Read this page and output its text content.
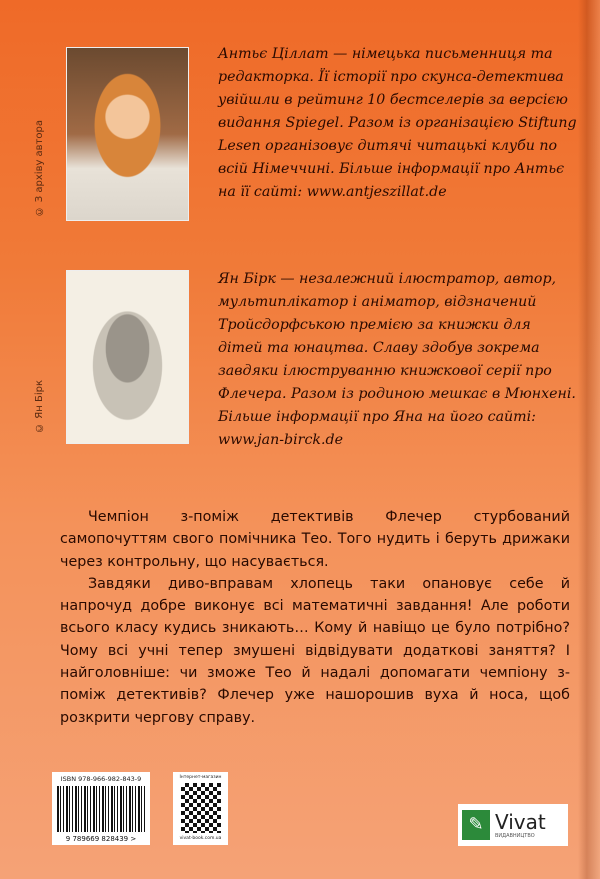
© З архіву автора
Антьє Ціллат — німецька письменниця та редакторка. Її історії про скунса-детектива увійшли в рейтинг 10 бестселерів за версією видання Spiegel. Разом із організацією Stiftung Lesen організовує дитячі читацькі клуби по всій Німеччині. Більше інформації про Антьє на її сайті: www.antjeszillat.de
© Ян Бірк
Ян Бірк — незалежний ілюстратор, автор, мультиплікатор і аніматор, відзначений Тройсдорфською премією за книжки для дітей та юнацтва. Славу здобув зокрема завдяки ілюструванню книжкової серії про Флечера. Разом із родиною мешкає в Мюнхені. Більше інформації про Яна на його сайті: www.jan-birck.de

Чемпіон з-поміж детективів Флечер стурбований самопочуттям свого помічника Тео. Того нудить і беруть дрижаки через контрольну, що насувається.

Завдяки диво-вправам хлопець таки опановує себе й напрочуд добре виконує всі математичні завдання! Але роботи всього класу кудись зникають… Кому й навіщо це було потрібно? Чому всі учні тепер змушені відвідувати додаткові заняття? І найголовніше: чи зможе Тео й надалі допомагати чемпіону з-поміж детективів? Флечер уже нашорошив вуха й носа, щоб розкрити чергову справу.

ISBN 978-966-982-843-9
9 789669 828439 >
Інтернет-магазин
vivat-book.com.ua
✎ Vivat
ВИДАВНИЦТВО
